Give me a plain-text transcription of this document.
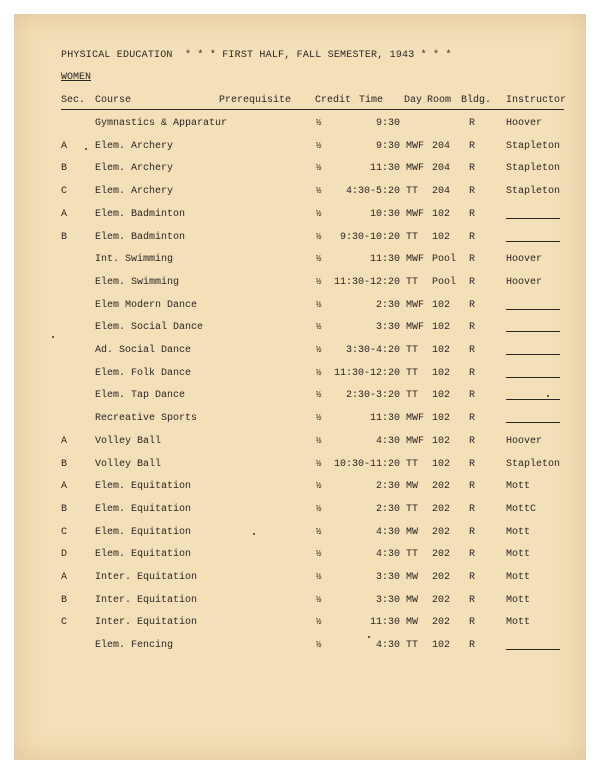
PHYSICAL EDUCATION  * * * FIRST HALF, FALL SEMESTER, 1943 * * *
WOMEN
Sec. Course	Prerequisite Credit Time Day Room Bldg. Instructor
Gymnastics & Apparatur	½	9:30	R	Hoover
A	Elem. Archery	½	9:30 MWF 204 R	Stapleton
B	Elem. Archery	½	11:30 MWF 204 R	Stapleton
C	Elem. Archery	½	4:30-5:20 TT 204 R	Stapleton
A	Elem. Badminton	½	10:30 MWF 102 R
B	Elem. Badminton	½	9:30-10:20 TT 102 R
Int. Swimming	½	11:30 MWF Pool R	Hoover
Elem. Swimming	½ 11:30-12:20 TT Pool R	Hoover
Elem Modern Dance	½	2:30 MWF 102 R
Elem. Social Dance	½	3:30 MWF 102 R
Ad. Social Dance	½	3:30-4:20 TT 102 R
Elem. Folk Dance	½ 11:30-12:20 TT 102 R
Elem. Tap Dance	½	2:30-3:20 TT 102 R
Recreative Sports	½	11:30 MWF 102 R
A	Volley Ball	½	4:30 MWF 102 R	Hoover
B	Volley Ball	½ 10:30-11:20 TT 102 R	Stapleton
A	Elem. Equitation	½	2:30 MW 202 R	Mott
B	Elem. Equitation	½	2:30 TT 202 R	MottC
C	Elem. Equitation	½	4:30 MW 202 R	Mott
D	Elem. Equitation	½	4:30 TT 202 R	Mott
A	Inter. Equitation	½	3:30 MW 202 R	Mott
B	Inter. Equitation	½	3:30 MW 202 R	Mott
C	Inter. Equitation	½	11:30 MW 202 R	Mott
Elem. Fencing	½	4:30 TT 102 R
